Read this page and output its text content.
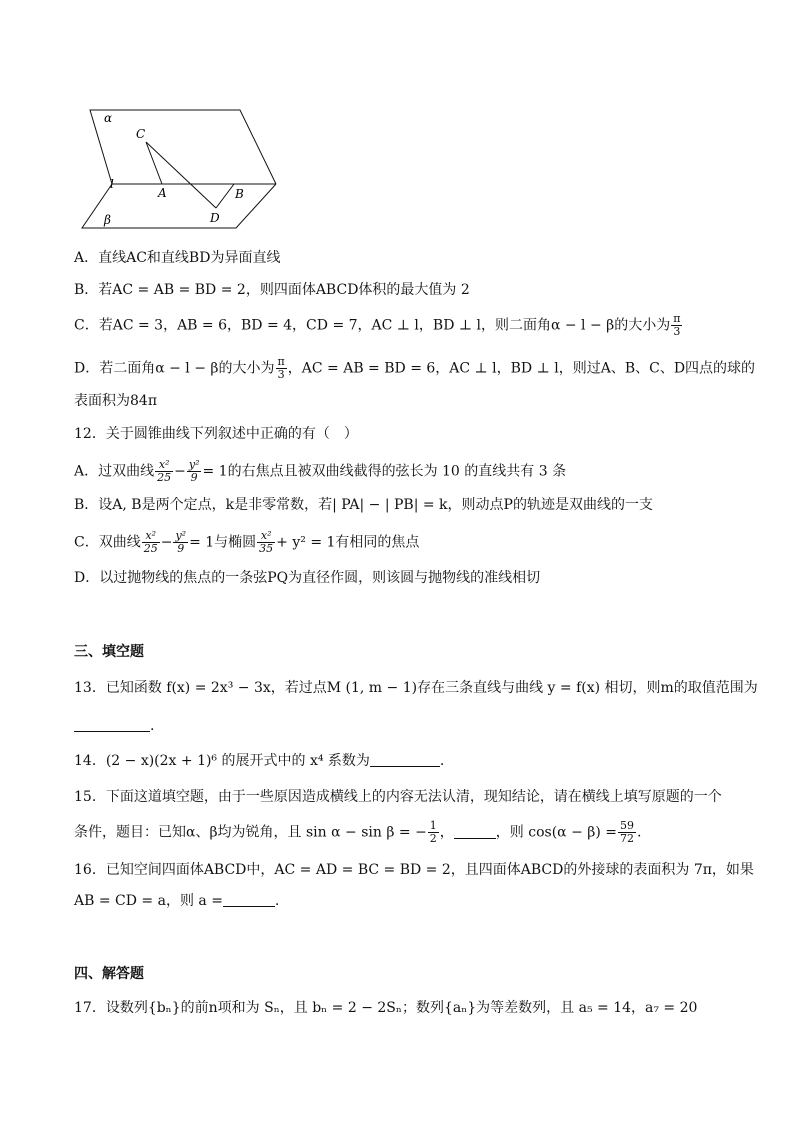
α
C
l
A	B
D
β
A．直线AC和直线BD为异面直线
B．若AC = AB = BD = 2，则四面体ABCD体积的最大值为 2
C．若AC = 3，AB = 6，BD = 4，CD = 7，AC ⊥ l，BD ⊥ l，则二面角α − l − β的大小为 $\frac{\pi}{3}$
D．若二面角α − l − β的大小为 $\frac{\pi}{3}$ ，AC = AB = BD = 6，AC ⊥ l，BD ⊥ l，则过A、B、C、D四点的球的
表面积为84π
12．关于圆锥曲线下列叙述中正确的有（　）
A．过双曲线 $\frac{\text{x²}}{25} - \frac{\text{y²}}{9} = 1$的右焦点且被双曲线截得的弦长为 10 的直线共有 3 条
B．设A, B是两个定点，k是非零常数，若| PA| − | PB| = k，则动点P的轨迹是双曲线的一支
C．双曲线 $\frac{\text{x²}}{25} - \frac{\text{y²}}{9} = 1$与椭圆 $\frac{\text{x²}}{35} + y^2 = 1$有相同的焦点
D．以过抛物线的焦点的一条弦PQ为直径作圆，则该圆与抛物线的准线相切
三、填空题
13．已知函数 f(x) = 2x³ − 3x，若过点M (1, m − 1)存在三条直线与曲线 y = f(x) 相切，则m的取值范围为
.
14．(2 − x)(2x + 1)⁶ 的展开式中的 x⁴ 系数为	.
15．下面这道填空题，由于一些原因造成横线上的内容无法认清，现知结论，请在横线上填写原题的一个
条件，题目：已知α、β均为锐角，且 sin α − sin β = − $\frac{1}{2}$ ，	，则 $\cos(\alpha - \beta) = \frac{59}{72}$ .
16．已知空间四面体ABCD中，AC = AD = BC = BD = 2，且四面体ABCD的外接球的表面积为 7π，如果
AB = CD = a，则 a =	.
四、解答题
17．设数列{bₙ}的前n项和为 Sₙ，且 bₙ = 2 − 2Sₙ；数列{aₙ}为等差数列，且 a₅ = 14，a₇ = 20
